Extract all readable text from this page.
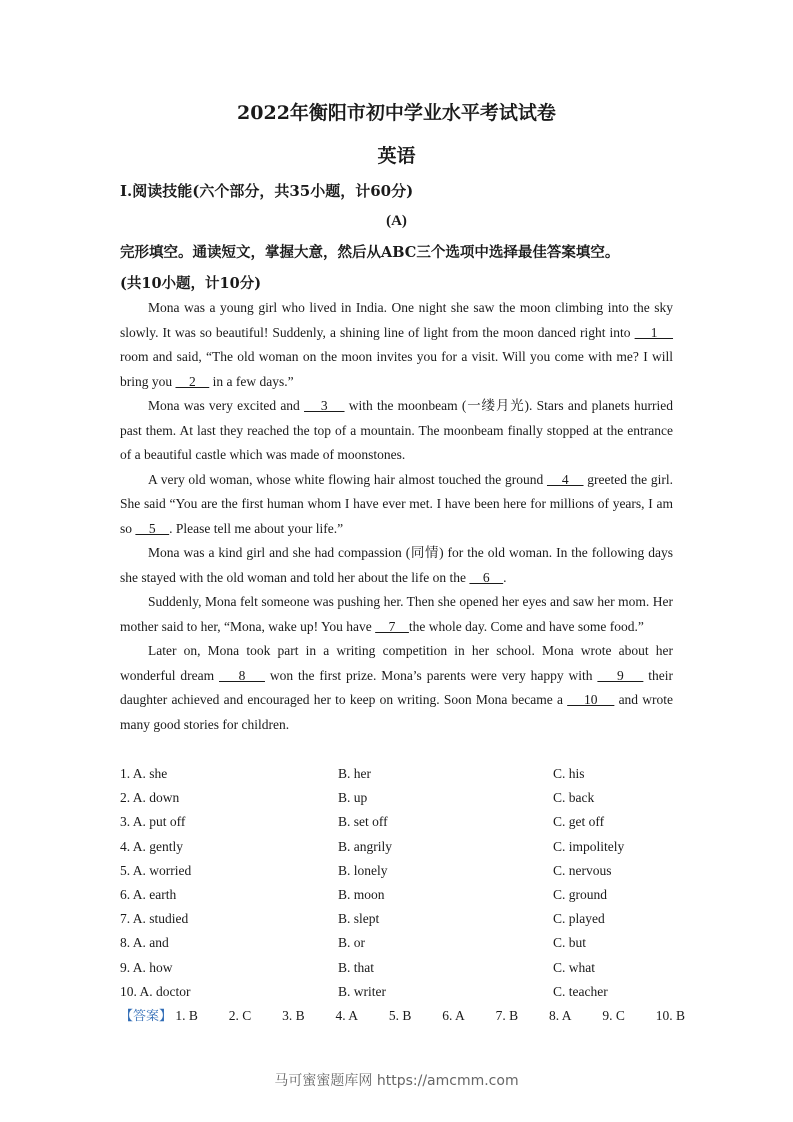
2022年衡阳市初中学业水平考试试卷
英语
I.阅读技能(六个部分，共35小题，计60分)
(A)
完形填空。通读短文，掌握大意，然后从ABC三个选项中选择最佳答案填空。
(共10小题，计10分)

Mona was a young girl who lived in India. One night she saw the moon climbing into the sky slowly. It was so beautiful! Suddenly, a shining line of light from the moon danced right into     1     room and said, “The old woman on the moon invites you for a visit. Will you come with me? I will bring you     2     in a few days.”

Mona was very excited and     3     with the moonbeam (一缕月光). Stars and planets hurried past them. At last they reached the top of a mountain. The moonbeam finally stopped at the entrance of a beautiful castle which was made of moonstones.

A very old woman, whose white flowing hair almost touched the ground     4     greeted the girl. She said “You are the first human whom I have ever met. I have been here for millions of years, I am so     5    . Please tell me about your life.”

Mona was a kind girl and she had compassion (同情) for the old woman. In the following days she stayed with the old woman and told her about the life on the     6    .

Suddenly, Mona felt someone was pushing her. Then she opened her eyes and saw her mom. Her mother said to her, “Mona, wake up! You have     7    the whole day. Come and have some food.”

Later on, Mona took part in a writing competition in her school. Mona wrote about her wonderful dream     8     won the first prize. Mona’s parents were very happy with     9     their daughter achieved and encouraged her to keep on writing. Soon Mona became a     10     and wrote many good stories for children.

1. A. she	B. her	C. his
2. A. down	B. up	C. back
3. A. put off	B. set off	C. get off
4. A. gently	B. angrily	C. impolitely
5. A. worried	B. lonely	C. nervous
6. A. earth	B. moon	C. ground
7. A. studied	B. slept	C. played
8. A. and	B. or	C. but
9. A. how	B. that	C. what
10. A. doctor	B. writer	C. teacher
【答案】 1. B 2. C 3. B 4. A 5. B 6. A 7. B 8. A 9. C 10. B
马可蜜蜜题库网 https://amcmm.com
